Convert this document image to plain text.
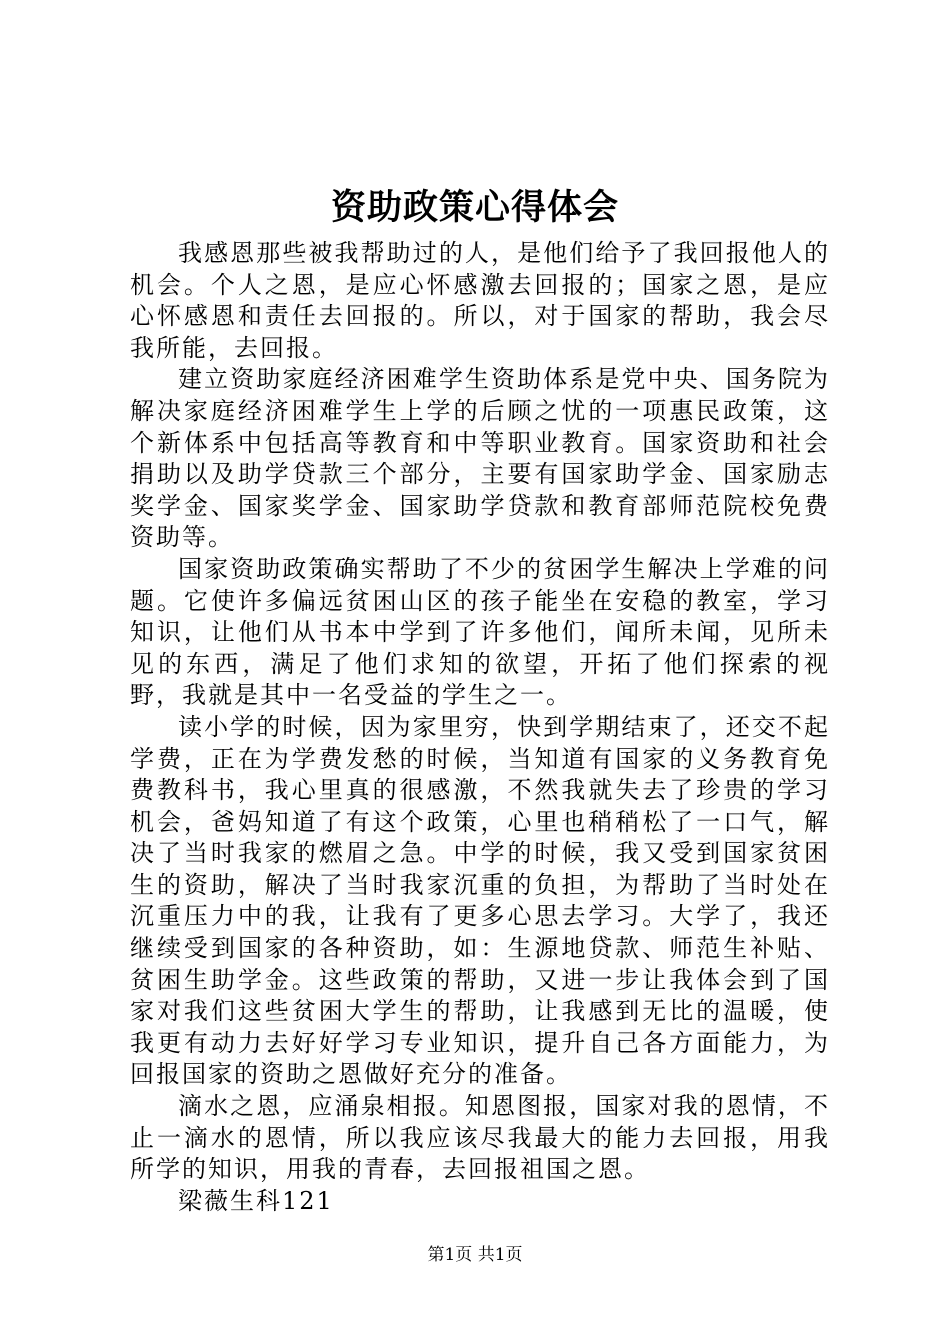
资助政策心得体会

我感恩那些被我帮助过的人，是他们给予了我回报他人的机会。个人之恩，是应心怀感激去回报的；国家之恩，是应心怀感恩和责任去回报的。所以，对于国家的帮助，我会尽我所能，去回报。

建立资助家庭经济困难学生资助体系是党中央、国务院为解决家庭经济困难学生上学的后顾之忧的一项惠民政策，这个新体系中包括高等教育和中等职业教育。国家资助和社会捐助以及助学贷款三个部分，主要有国家助学金、国家励志奖学金、国家奖学金、国家助学贷款和教育部师范院校免费资助等。

国家资助政策确实帮助了不少的贫困学生解决上学难的问题。它使许多偏远贫困山区的孩子能坐在安稳的教室，学习知识，让他们从书本中学到了许多他们，闻所未闻，见所未见的东西，满足了他们求知的欲望，开拓了他们探索的视野，我就是其中一名受益的学生之一。

读小学的时候，因为家里穷，快到学期结束了，还交不起学费，正在为学费发愁的时候，当知道有国家的义务教育免费教科书，我心里真的很感激，不然我就失去了珍贵的学习机会，爸妈知道了有这个政策，心里也稍稍松了一口气，解决了当时我家的燃眉之急。中学的时候，我又受到国家贫困生的资助，解决了当时我家沉重的负担，为帮助了当时处在沉重压力中的我，让我有了更多心思去学习。大学了，我还继续受到国家的各种资助，如：生源地贷款、师范生补贴、贫困生助学金。这些政策的帮助，又进一步让我体会到了国家对我们这些贫困大学生的帮助，让我感到无比的温暖，使我更有动力去好好学习专业知识，提升自己各方面能力，为回报国家的资助之恩做好充分的准备。

滴水之恩，应涌泉相报。知恩图报，国家对我的恩情，不止一滴水的恩情，所以我应该尽我最大的能力去回报，用我所学的知识，用我的青春，去回报祖国之恩。

梁薇生科121

第1页 共1页
